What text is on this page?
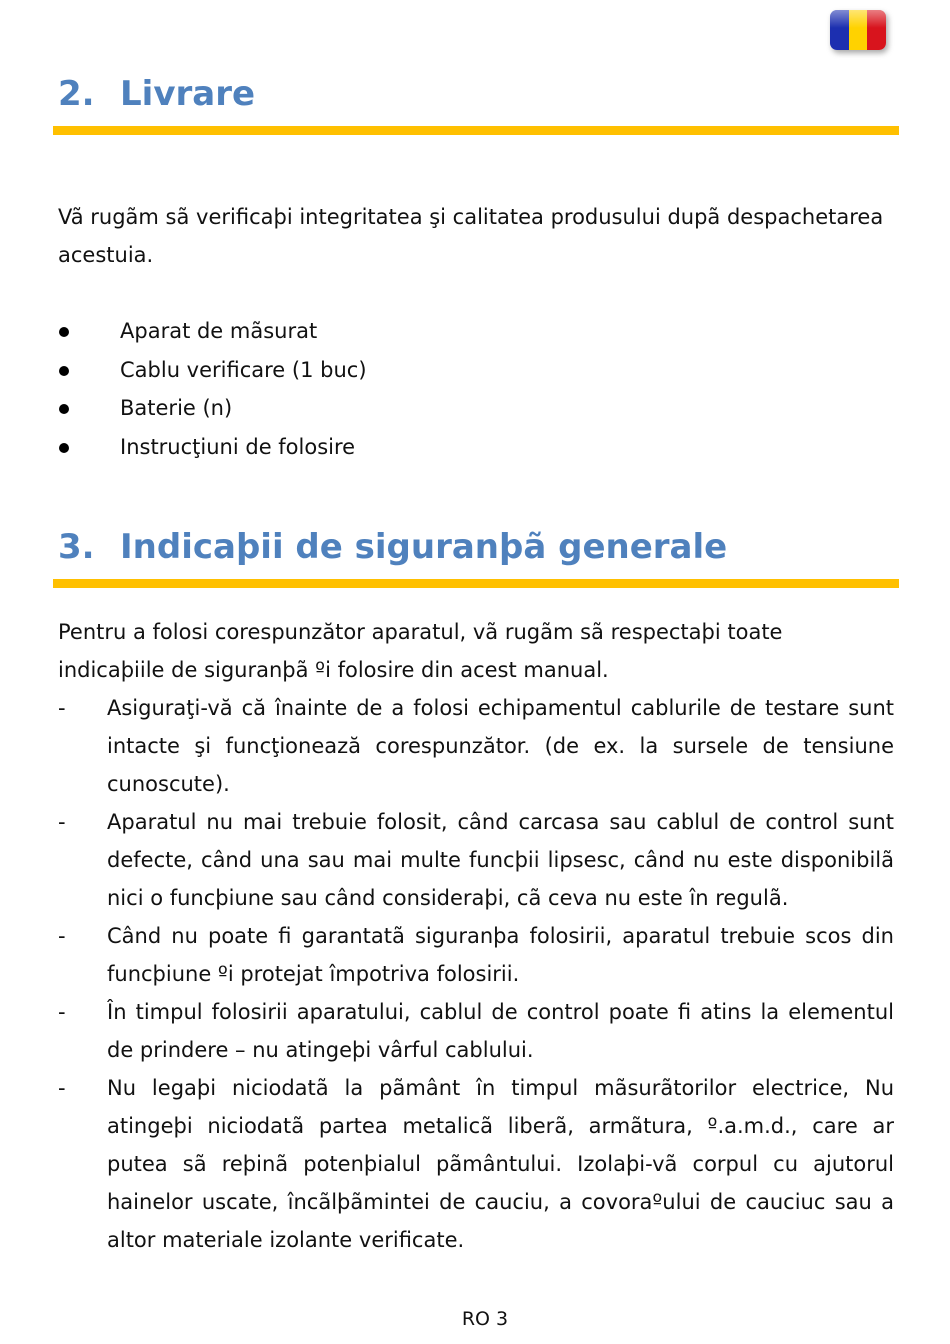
2. Livrare

Vã rugãm sã verificaþi integritatea şi calitatea produsului dupã despachetarea acestuia.

Aparat de mãsurat
Cablu verificare (1 buc)
Baterie (n)
Instrucţiuni de folosire
3. Indicaþii de siguranþã generale

Pentru a folosi corespunzător aparatul, vã rugãm sã respectaþi toate indicaþiile de siguranþã ºi folosire din acest manual.

- Asiguraţi-vă că înainte de a folosi echipamentul cablurile de testare sunt intacte şi funcţionează corespunzător. (de ex. la sursele de tensiune cunoscute).
- Aparatul nu mai trebuie folosit, când carcasa sau cablul de control sunt defecte, când una sau mai multe funcþii lipsesc, când nu este disponibilã nici o funcþiune sau când consideraþi, cã ceva nu este în regulã.
- Când nu poate fi garantatã siguranþa folosirii, aparatul trebuie scos din funcþiune ºi protejat împotriva folosirii.
- În timpul folosirii aparatului, cablul de control poate fi atins la elementul de prindere – nu atingeþi vârful cablului.
- Nu legaþi niciodatã la pãmânt în timpul mãsurãtorilor electrice, Nu atingeþi niciodatã partea metalicã liberã, armãtura, º.a.m.d., care ar putea sã reþinã potenþialul pãmântului. Izolaþi-vã corpul cu ajutorul hainelor uscate, încãlþãmintei de cauciu, a covoraºului de cauciuc sau a altor materiale izolante verificate.
RO 3
